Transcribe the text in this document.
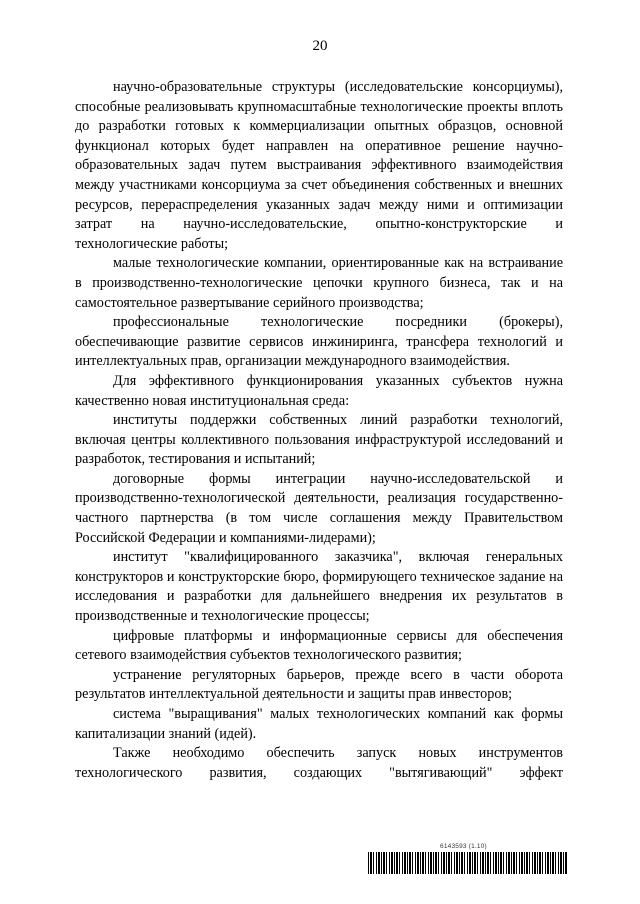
20

научно-образовательные структуры (исследовательские консорциумы), способные реализовывать крупномасштабные технологические проекты вплоть до разработки готовых к коммерциализации опытных образцов, основной функционал которых будет направлен на оперативное решение научно-образовательных задач путем выстраивания эффективного взаимодействия между участниками консорциума за счет объединения собственных и внешних ресурсов, перераспределения указанных задач между ними и оптимизации затрат на научно-исследовательские, опытно-конструкторские и технологические работы;

малые технологические компании, ориентированные как на встраивание в производственно-технологические цепочки крупного бизнеса, так и на самостоятельное развертывание серийного производства;

профессиональные технологические посредники (брокеры), обеспечивающие развитие сервисов инжиниринга, трансфера технологий и интеллектуальных прав, организации международного взаимодействия.

Для эффективного функционирования указанных субъектов нужна качественно новая институциональная среда:

институты поддержки собственных линий разработки технологий, включая центры коллективного пользования инфраструктурой исследований и разработок, тестирования и испытаний;

договорные формы интеграции научно-исследовательской и производственно-технологической деятельности, реализация государственно-частного партнерства (в том числе соглашения между Правительством Российской Федерации и компаниями-лидерами);

институт "квалифицированного заказчика", включая генеральных конструкторов и конструкторские бюро, формирующего техническое задание на исследования и разработки для дальнейшего внедрения их результатов в производственные и технологические процессы;

цифровые платформы и информационные сервисы для обеспечения сетевого взаимодействия субъектов технологического развития;

устранение регуляторных барьеров, прежде всего в части оборота результатов интеллектуальной деятельности и защиты прав инвесторов;

система "выращивания" малых технологических компаний как формы капитализации знаний (идей).

Также необходимо обеспечить запуск новых инструментов технологического развития, создающих "вытягивающий" эффект

6143593 (1.10)
